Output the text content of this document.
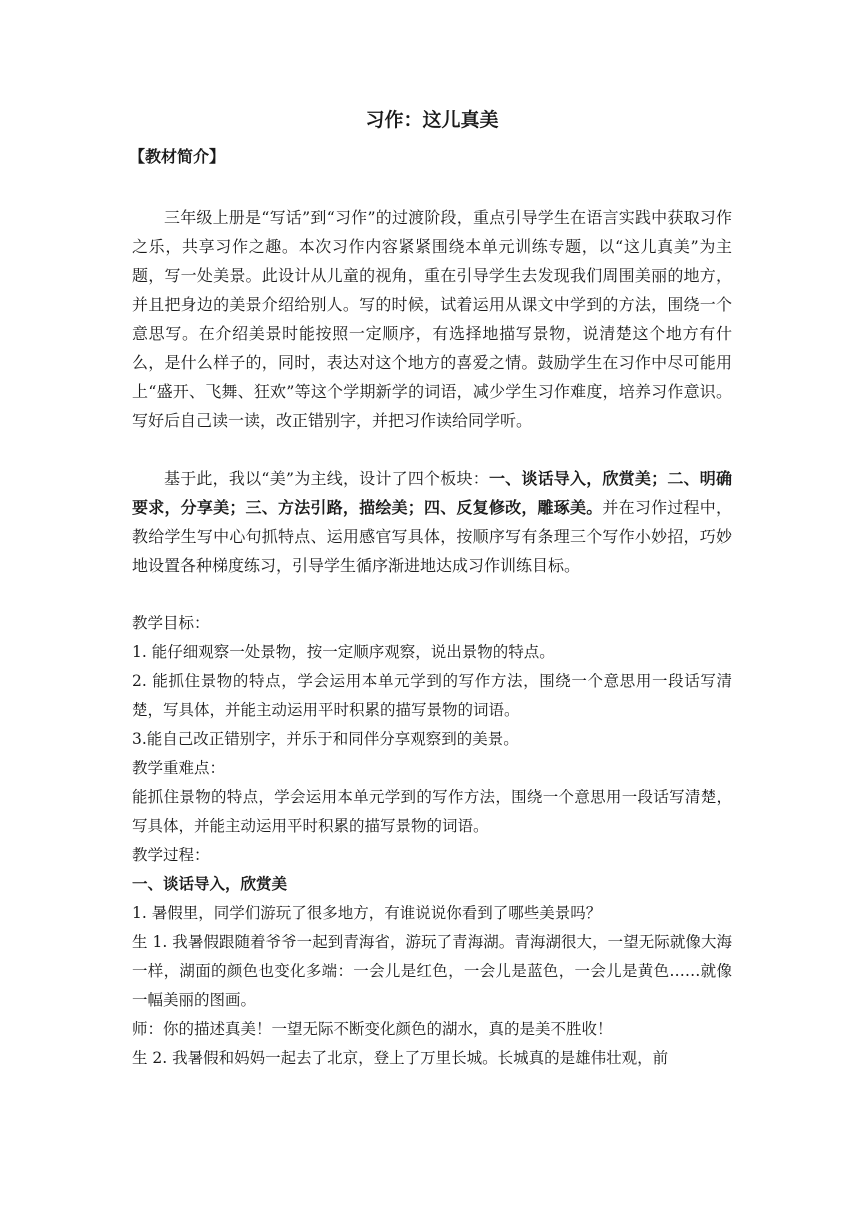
习作：这儿真美

【教材简介】

三年级上册是“写话”到“习作”的过渡阶段，重点引导学生在语言实践中获取习作之乐，共享习作之趣。本次习作内容紧紧围绕本单元训练专题，以“这儿真美”为主题，写一处美景。此设计从儿童的视角，重在引导学生去发现我们周围美丽的地方，并且把身边的美景介绍给别人。写的时候，试着运用从课文中学到的方法，围绕一个意思写。在介绍美景时能按照一定顺序，有选择地描写景物，说清楚这个地方有什么，是什么样子的，同时，表达对这个地方的喜爱之情。鼓励学生在习作中尽可能用上“盛开、飞舞、狂欢”等这个学期新学的词语，减少学生习作难度，培养习作意识。写好后自己读一读，改正错别字，并把习作读给同学听。

基于此，我以“美”为主线，设计了四个板块：一、谈话导入，欣赏美；二、明确要求，分享美；三、方法引路，描绘美；四、反复修改，雕琢美。并在习作过程中，教给学生写中心句抓特点、运用感官写具体，按顺序写有条理三个写作小妙招，巧妙地设置各种梯度练习，引导学生循序渐进地达成习作训练目标。

教学目标：

1. 能仔细观察一处景物，按一定顺序观察，说出景物的特点。

2. 能抓住景物的特点，学会运用本单元学到的写作方法，围绕一个意思用一段话写清楚，写具体，并能主动运用平时积累的描写景物的词语。

3.能自己改正错别字，并乐于和同伴分享观察到的美景。

教学重难点：

能抓住景物的特点，学会运用本单元学到的写作方法，围绕一个意思用一段话写清楚，写具体，并能主动运用平时积累的描写景物的词语。

教学过程：

一、谈话导入，欣赏美

1. 暑假里，同学们游玩了很多地方，有谁说说你看到了哪些美景吗？

生 1. 我暑假跟随着爷爷一起到青海省，游玩了青海湖。青海湖很大，一望无际就像大海一样，湖面的颜色也变化多端：一会儿是红色，一会儿是蓝色，一会儿是黄色……就像一幅美丽的图画。

师：你的描述真美！一望无际不断变化颜色的湖水，真的是美不胜收！

生 2. 我暑假和妈妈一起去了北京，登上了万里长城。长城真的是雄伟壮观，前
